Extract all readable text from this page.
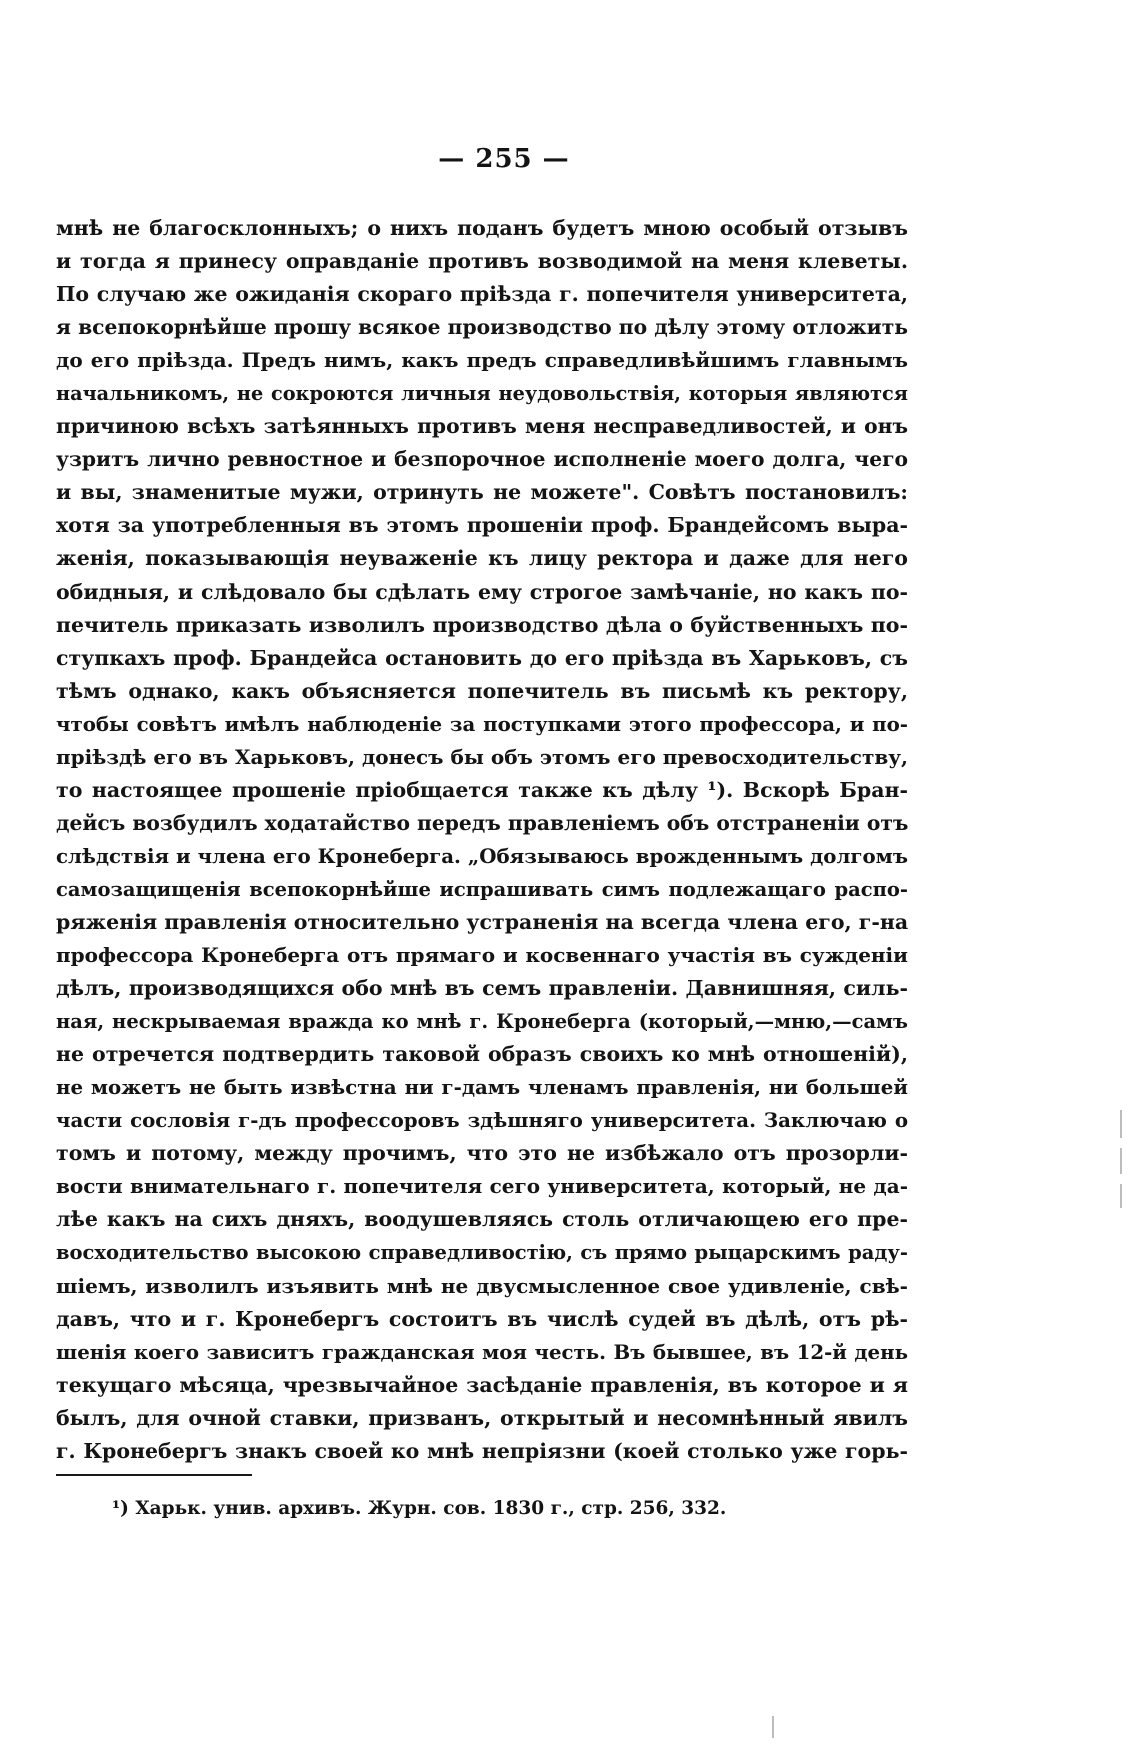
— 255 —
мнѣ не благосклонныхъ; о нихъ поданъ будетъ мною особый отзывъ
и тогда я принесу оправданіе противъ возводимой на меня клеветы.
По случаю же ожиданія скораго пріѣзда г. попечителя университета,
я всепокорнѣйше прошу всякое производство по дѣлу этому отложить
до его пріѣзда. Предъ нимъ, какъ предъ справедливѣйшимъ главнымъ
начальникомъ, не сокроются личныя неудовольствія, которыя являются
причиною всѣхъ затѣянныхъ противъ меня несправедливостей, и онъ
узритъ лично ревностное и безпорочное исполненіе моего долга, чего
и вы, знаменитые мужи, отринуть не можете". Совѣтъ постановилъ:
хотя за употребленныя въ этомъ прошеніи проф. Брандейсомъ выра-
женія, показывающія неуваженіе къ лицу ректора и даже для него
обидныя, и слѣдовало бы сдѣлать ему строгое замѣчаніе, но какъ по-
печитель приказать изволилъ производство дѣла о буйственныхъ по-
ступкахъ проф. Брандейса остановить до его пріѣзда въ Харьковъ, съ
тѣмъ однако, какъ объясняется попечитель въ письмѣ къ ректору,
чтобы совѣтъ имѣлъ наблюденіе за поступками этого профессора, и по-
пріѣздѣ его въ Харьковъ, донесъ бы объ этомъ его превосходительству,
то настоящее прошеніе пріобщается также къ дѣлу ¹). Вскорѣ Бран-
дейсъ возбудилъ ходатайство передъ правленіемъ объ отстраненіи отъ
слѣдствія и члена его Кронеберга. „Обязываюсь врожденнымъ долгомъ
самозащищенія всепокорнѣйше испрашивать симъ подлежащаго распо-
ряженія правленія относительно устраненія на всегда члена его, г-на
профессора Кронеберга отъ прямаго и косвеннаго участія въ сужденіи
дѣлъ, производящихся обо мнѣ въ семъ правленіи. Давнишняя, силь-
ная, нескрываемая вражда ко мнѣ г. Кронеберга (который,—мню,—самъ
не отречется подтвердить таковой образъ своихъ ко мнѣ отношеній),
не можетъ не быть извѣстна ни г-дамъ членамъ правленія, ни большей
части сословія г-дъ профессоровъ здѣшняго университета. Заключаю о
томъ и потому, между прочимъ, что это не избѣжало отъ прозорли-
вости внимательнаго г. попечителя сего университета, который, не да-
лѣе какъ на сихъ дняхъ, воодушевляясь столь отличающею его пре-
восходительство высокою справедливостію, съ прямо рыцарскимъ раду-
шіемъ, изволилъ изъявить мнѣ не двусмысленное свое удивленіе, свѣ-
давъ, что и г. Кронебергъ состоитъ въ числѣ судей въ дѣлѣ, отъ рѣ-
шенія коего зависитъ гражданская моя честь. Въ бывшее, въ 12-й день
текущаго мѣсяца, чрезвычайное засѣданіе правленія, въ которое и я
былъ, для очной ставки, призванъ, открытый и несомнѣнный явилъ
г. Кронебергъ знакъ своей ко мнѣ непріязни (коей столько уже горь-
¹) Харьк. унив. архивъ. Журн. сов. 1830 г., стр. 256, 332.
